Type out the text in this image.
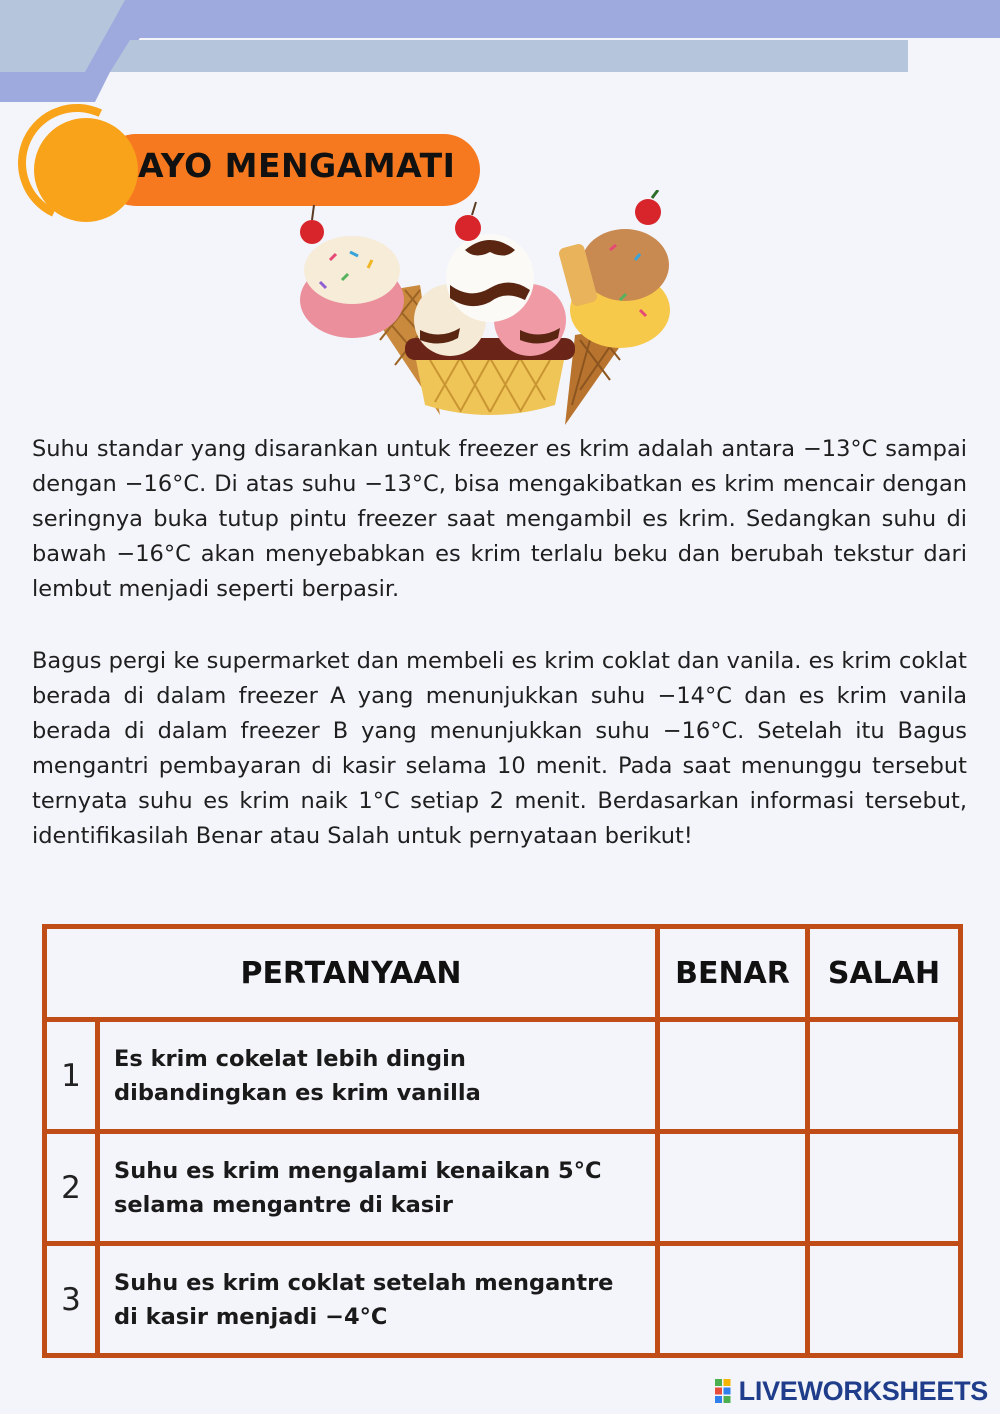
AYO MENGAMATI

Suhu standar yang disarankan untuk freezer es krim adalah antara −13°C sampai dengan −16°C. Di atas suhu −13°C, bisa mengakibatkan es krim mencair dengan seringnya buka tutup pintu freezer saat mengambil es krim. Sedangkan suhu di bawah −16°C akan menyebabkan es krim terlalu beku dan berubah tekstur dari lembut menjadi seperti berpasir.

Bagus pergi ke supermarket dan membeli es krim coklat dan vanila. es krim coklat berada di dalam freezer A yang menunjukkan suhu −14°C dan es krim vanila berada di dalam freezer B yang menunjukkan suhu −16°C. Setelah itu Bagus mengantri pembayaran di kasir selama 10 menit. Pada saat menunggu tersebut ternyata suhu es krim naik 1°C setiap 2 menit. Berdasarkan informasi tersebut, identifikasilah Benar atau Salah untuk pernyataan berikut!

PERTANYAAN		BENAR	SALAH
1	Es krim cokelat lebih dingin
dibandingkan es krim vanilla		

2	Suhu es krim mengalami kenaikan 5°C
selama mengantre di kasir		

3	Suhu es krim coklat setelah mengantre
di kasir menjadi −4°C		

LIVEWORKSHEETS
